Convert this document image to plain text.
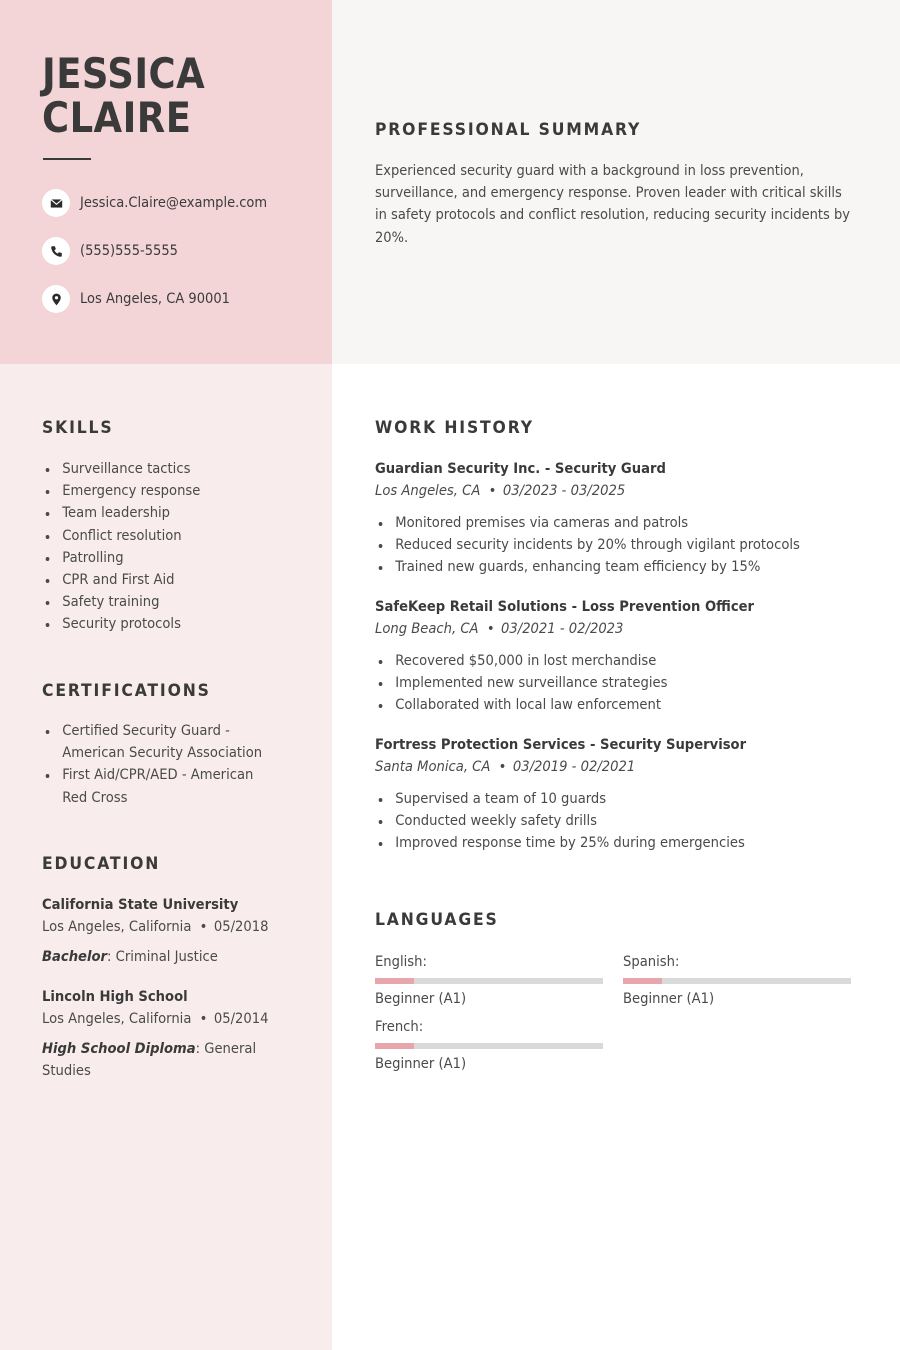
JESSICA
CLAIRE
Jessica.Claire@example.com
(555)555-5555
Los Angeles, CA 90001
PROFESSIONAL SUMMARY
Experienced security guard with a background in loss prevention, surveillance, and emergency response. Proven leader with critical skills in safety protocols and conflict resolution, reducing security incidents by 20%.
SKILLS
Surveillance tactics
Emergency response
Team leadership
Conflict resolution
Patrolling
CPR and First Aid
Safety training
Security protocols
CERTIFICATIONS
Certified Security Guard - American Security Association
First Aid/CPR/AED - American Red Cross
EDUCATION
California State University
Los Angeles, California • 05/2018
Bachelor: Criminal Justice
Lincoln High School
Los Angeles, California • 05/2014
High School Diploma: General Studies
WORK HISTORY
Guardian Security Inc. - Security Guard
Los Angeles, CA • 03/2023 - 03/2025
Monitored premises via cameras and patrols
Reduced security incidents by 20% through vigilant protocols
Trained new guards, enhancing team efficiency by 15%
SafeKeep Retail Solutions - Loss Prevention Officer
Long Beach, CA • 03/2021 - 02/2023
Recovered $50,000 in lost merchandise
Implemented new surveillance strategies
Collaborated with local law enforcement
Fortress Protection Services - Security Supervisor
Santa Monica, CA • 03/2019 - 02/2021
Supervised a team of 10 guards
Conducted weekly safety drills
Improved response time by 25% during emergencies
LANGUAGES
English:
Beginner (A1)
Spanish:
Beginner (A1)
French:
Beginner (A1)
